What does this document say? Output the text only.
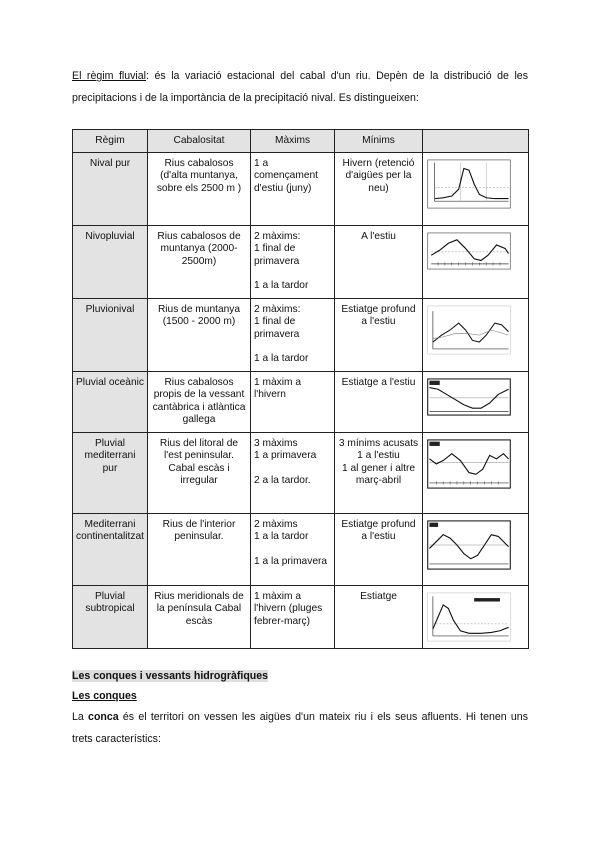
El règim fluvial: és la variació estacional del cabal d'un riu. Depèn de la distribució de les precipitacions i de la importància de la precipitació nival. Es distingueixen:
Règim	Cabalositat	Màxims	Mínims	
Nival pur	Rius cabalosos (d'alta muntanya, sobre els 2500 m )	1 a començament d'estiu (juny)	Hivern (retenció d'aigües per la neu)	

Nivopluvial	Rius cabalosos de muntanya (2000-2500m)	2 màxims:
1 final de primavera

1 a la tardor	A l'estiu	

Pluvionival	Rius de muntanya (1500 - 2000 m)	2 màxims:
1 final de primavera

1 a la tardor	Estiatge profund a l'estiu	

Pluvial oceànic	Rius cabalosos propis de la vessant cantàbrica i atlàntica gallega	1 màxim a l'hivern	Estiatge a l'estiu	

Pluvial mediterrani pur	Rius del litoral de l'est peninsular. Cabal escàs i irregular	3 màxims
1 a primavera

2 a la tardor.	3 mínims acusats
1 a l'estiu
1 al gener i altre març-abril	

Mediterrani continentalitzat	Rius de l'interior peninsular.	2 màxims
1 a la tardor

1 a la primavera	Estiatge profund a l'estiu	

Pluvial subtropical	Rius meridionals de la península Cabal escàs	1 màxim a l'hivern (pluges febrer-març)	Estiatge	
Les conques i vessants hidrogràfiques
Les conques
La conca és el territori on vessen les aigües d'un mateix riu i els seus afluents. Hi tenen uns trets característics:
